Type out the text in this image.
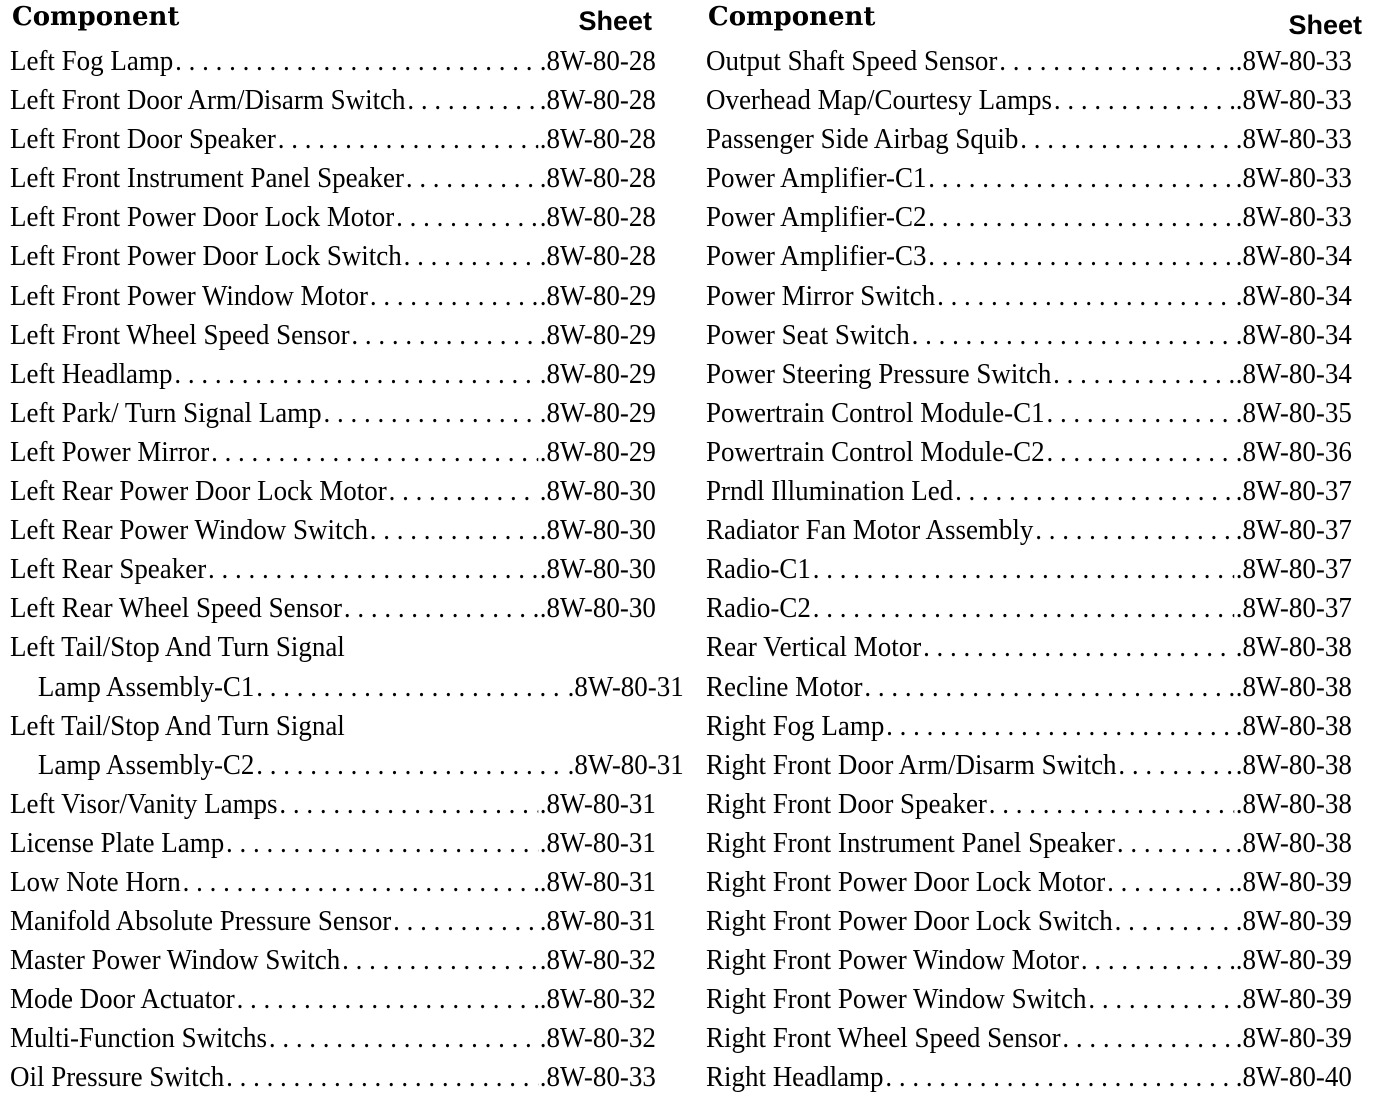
Component	Sheet
Left Fog Lamp . . .	.8W-80-28
Left Front Door Arm/Disarm Switch . . .	.8W-80-28
Left Front Door Speaker . . .	.8W-80-28
Left Front Instrument Panel Speaker . . .	.8W-80-28
Left Front Power Door Lock Motor . . .	.8W-80-28
Left Front Power Door Lock Switch . . .	.8W-80-28
Left Front Power Window Motor . . .	.8W-80-29
Left Front Wheel Speed Sensor . . .	.8W-80-29
Left Headlamp . . .	.8W-80-29
Left Park/ Turn Signal Lamp . . .	.8W-80-29
Left Power Mirror . . .	.8W-80-29
Left Rear Power Door Lock Motor . . .	.8W-80-30
Left Rear Power Window Switch . . .	.8W-80-30
Left Rear Speaker . . .	.8W-80-30
Left Rear Wheel Speed Sensor . . .	.8W-80-30
Left Tail/Stop And Turn Signal
Lamp Assembly-C1 . . .	.8W-80-31
Left Tail/Stop And Turn Signal
Lamp Assembly-C2 . . .	.8W-80-31
Left Visor/Vanity Lamps . . .	.8W-80-31
License Plate Lamp . . .	.8W-80-31
Low Note Horn . . .	.8W-80-31
Manifold Absolute Pressure Sensor . . .	.8W-80-31
Master Power Window Switch . . .	.8W-80-32
Mode Door Actuator . . .	.8W-80-32
Multi-Function Switchs . . .	.8W-80-32
Oil Pressure Switch . . .	.8W-80-33
Component	Sheet
Output Shaft Speed Sensor . . .	.8W-80-33
Overhead Map/Courtesy Lamps . . .	.8W-80-33
Passenger Side Airbag Squib . . .	.8W-80-33
Power Amplifier-C1 . . .	.8W-80-33
Power Amplifier-C2 . . .	.8W-80-33
Power Amplifier-C3 . . .	.8W-80-34
Power Mirror Switch . . .	.8W-80-34
Power Seat Switch . . .	.8W-80-34
Power Steering Pressure Switch . . .	.8W-80-34
Powertrain Control Module-C1 . . .	.8W-80-35
Powertrain Control Module-C2 . . .	.8W-80-36
Prndl Illumination Led . . .	.8W-80-37
Radiator Fan Motor Assembly . . .	.8W-80-37
Radio-C1 . . .	.8W-80-37
Radio-C2 . . .	.8W-80-37
Rear Vertical Motor . . .	.8W-80-38
Recline Motor . . .	.8W-80-38
Right Fog Lamp . . .	.8W-80-38
Right Front Door Arm/Disarm Switch . . .	.8W-80-38
Right Front Door Speaker . . .	.8W-80-38
Right Front Instrument Panel Speaker . . .	.8W-80-38
Right Front Power Door Lock Motor . . .	.8W-80-39
Right Front Power Door Lock Switch . . .	.8W-80-39
Right Front Power Window Motor . . .	.8W-80-39
Right Front Power Window Switch . . .	.8W-80-39
Right Front Wheel Speed Sensor . . .	.8W-80-39
Right Headlamp . . .	.8W-80-40
